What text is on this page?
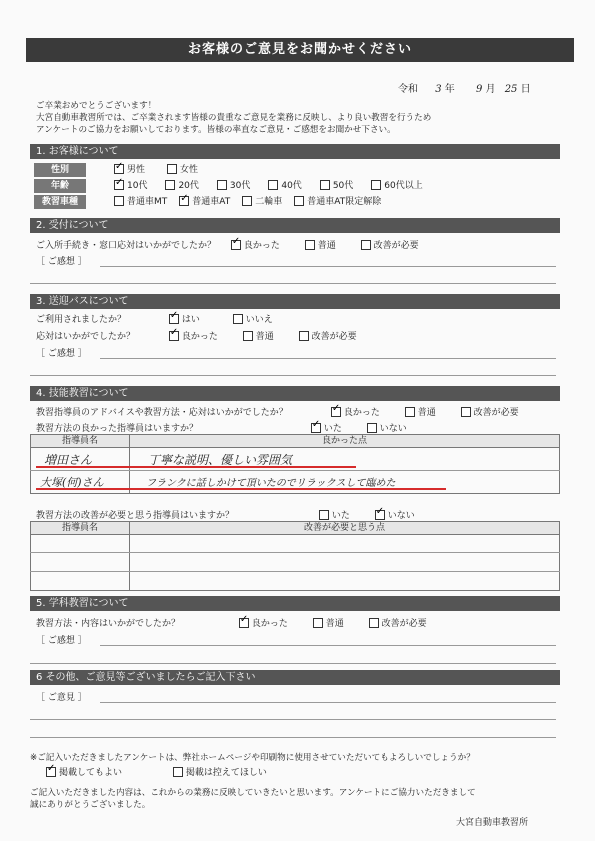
お客様のご意見をお聞かせください
令和 3 年 9 月 25 日
ご卒業おめでとうございます！
大宮自動車教習所では、ご卒業されます皆様の貴重なご意見を業務に反映し、より良い教習を行うため
アンケートのご協力をお願いしております。皆様の率直なご意見・ご感想をお聞かせ下さい。
1. お客様について
性別 ✓	男性	女性
年齢 ✓	10代	20代	30代	40代	50代	60代以上
教習車種	普通車MT ✓	普通車AT	二輪車	普通車AT限定解除
2. 受付について
ご入所手続き・窓口応対はいかがでしたか？ ✓	良かった	普通	改善が必要
［ ご感想 ］
3. 送迎バスについて
ご利用されましたか？ ✓	はい	いいえ
応対はいかがでしたか？ ✓	良かった	普通	改善が必要
［ ご感想 ］
4. 技能教習について
教習指導員のアドバイスや教習方法・応対はいかがでしたか？ ✓	良かった	普通	改善が必要
教習方法の良かった指導員はいますか？ ✓	いた	いない
指導員名	良かった点
増田さん	丁寧な説明、優しい雰囲気
大塚(何)さん	フランクに話しかけて頂いたのでリラックスして臨めた
教習方法の改善が必要と思う指導員はいますか？	いた ✓	いない
指導員名	改善が必要と思う点
5. 学科教習について
教習方法・内容はいかがでしたか？ ✓	良かった	普通	改善が必要
［ ご感想 ］
6 その他、ご意見等ございましたらご記入下さい
［ ご意見 ］
※ご記入いただきましたアンケートは、弊社ホームページや印刷物に使用させていただいてもよろしいでしょうか？
✓掲載してもよい	掲載は控えてほしい
ご記入いただきました内容は、これからの業務に反映していきたいと思います。アンケートにご協力いただきまして
誠にありがとうございました。
大宮自動車教習所
